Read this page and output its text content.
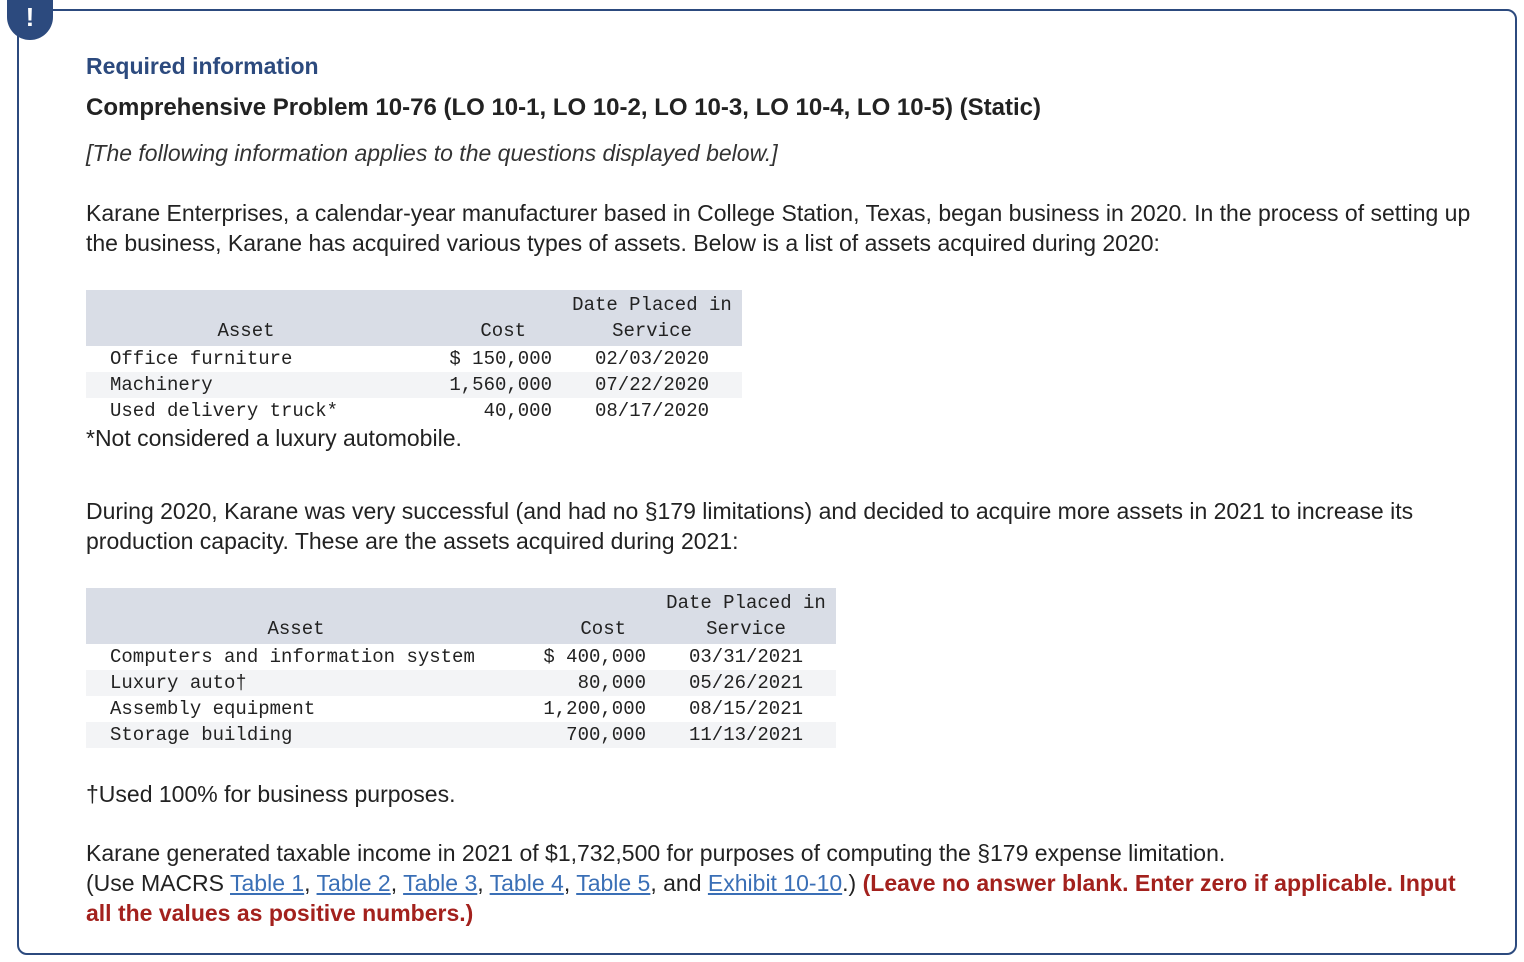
!
Required information
Comprehensive Problem 10-76 (LO 10-1, LO 10-2, LO 10-3, LO 10-4, LO 10-5) (Static)
[The following information applies to the questions displayed below.]
Karane Enterprises, a calendar-year manufacturer based in College Station, Texas, began business in 2020. In the process of setting up the business, Karane has acquired various types of assets. Below is a list of assets acquired during 2020:
Asset	Cost	Date Placed in
Service
Office furniture	$ 150,000	02/03/2020
Machinery	1,560,000	07/22/2020
Used delivery truck*	40,000	08/17/2020
*Not considered a luxury automobile.
During 2020, Karane was very successful (and had no §179 limitations) and decided to acquire more assets in 2021 to increase its production capacity. These are the assets acquired during 2021:
Asset	Cost	Date Placed in
Service
Computers and information system	$ 400,000	03/31/2021
Luxury auto†	80,000	05/26/2021
Assembly equipment	1,200,000	08/15/2021
Storage building	700,000	11/13/2021
†Used 100% for business purposes.
Karane generated taxable income in 2021 of $1,732,500 for purposes of computing the §179 expense limitation.
(Use MACRS Table 1, Table 2, Table 3, Table 4, Table 5, and Exhibit 10-10.) (Leave no answer blank. Enter zero if applicable. Input all the values as positive numbers.)
